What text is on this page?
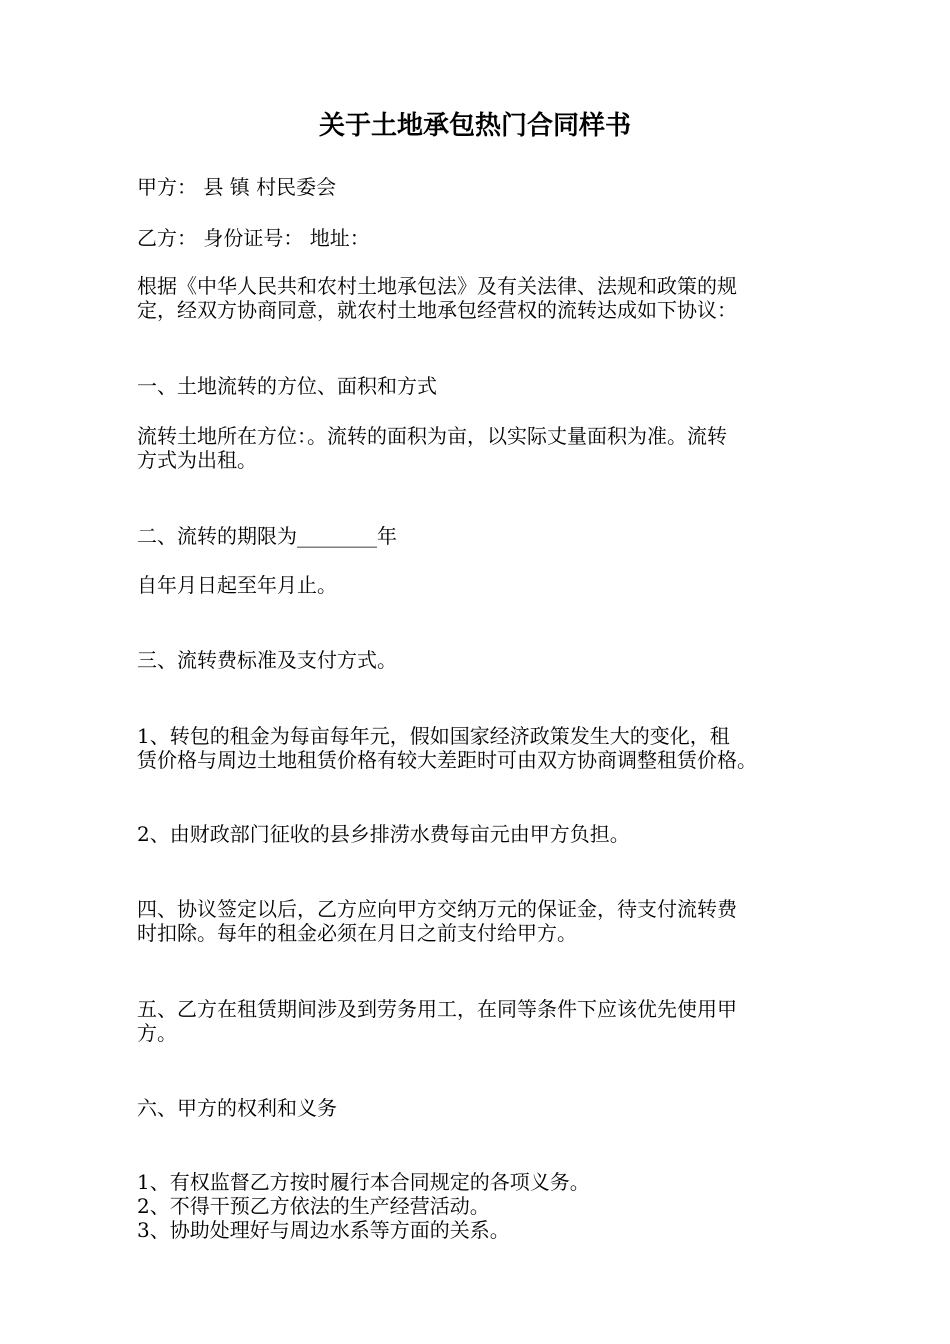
关于土地承包热门合同样书

甲方： 县 镇 村民委会

乙方： 身份证号： 地址：

根据《中华人民共和农村土地承包法》及有关法律、法规和政策的规
定，经双方协商同意，就农村土地承包经营权的流转达成如下协议：

一、土地流转的方位、面积和方式

流转土地所在方位：。流转的面积为亩，以实际丈量面积为准。流转
方式为出租。

二、流转的期限为________年

自年月日起至年月止。

三、流转费标准及支付方式。

1、转包的租金为每亩每年元，假如国家经济政策发生大的变化，租
赁价格与周边土地租赁价格有较大差距时可由双方协商调整租赁价格。

2、由财政部门征收的县乡排涝水费每亩元由甲方负担。

四、协议签定以后，乙方应向甲方交纳万元的保证金，待支付流转费
时扣除。每年的租金必须在月日之前支付给甲方。
五、乙方在租赁期间涉及到劳务用工，在同等条件下应该优先使用甲
方。

六、甲方的权利和义务

1、有权监督乙方按时履行本合同规定的各项义务。
2、不得干预乙方依法的生产经营活动。
3、协助处理好与周边水系等方面的关系。
